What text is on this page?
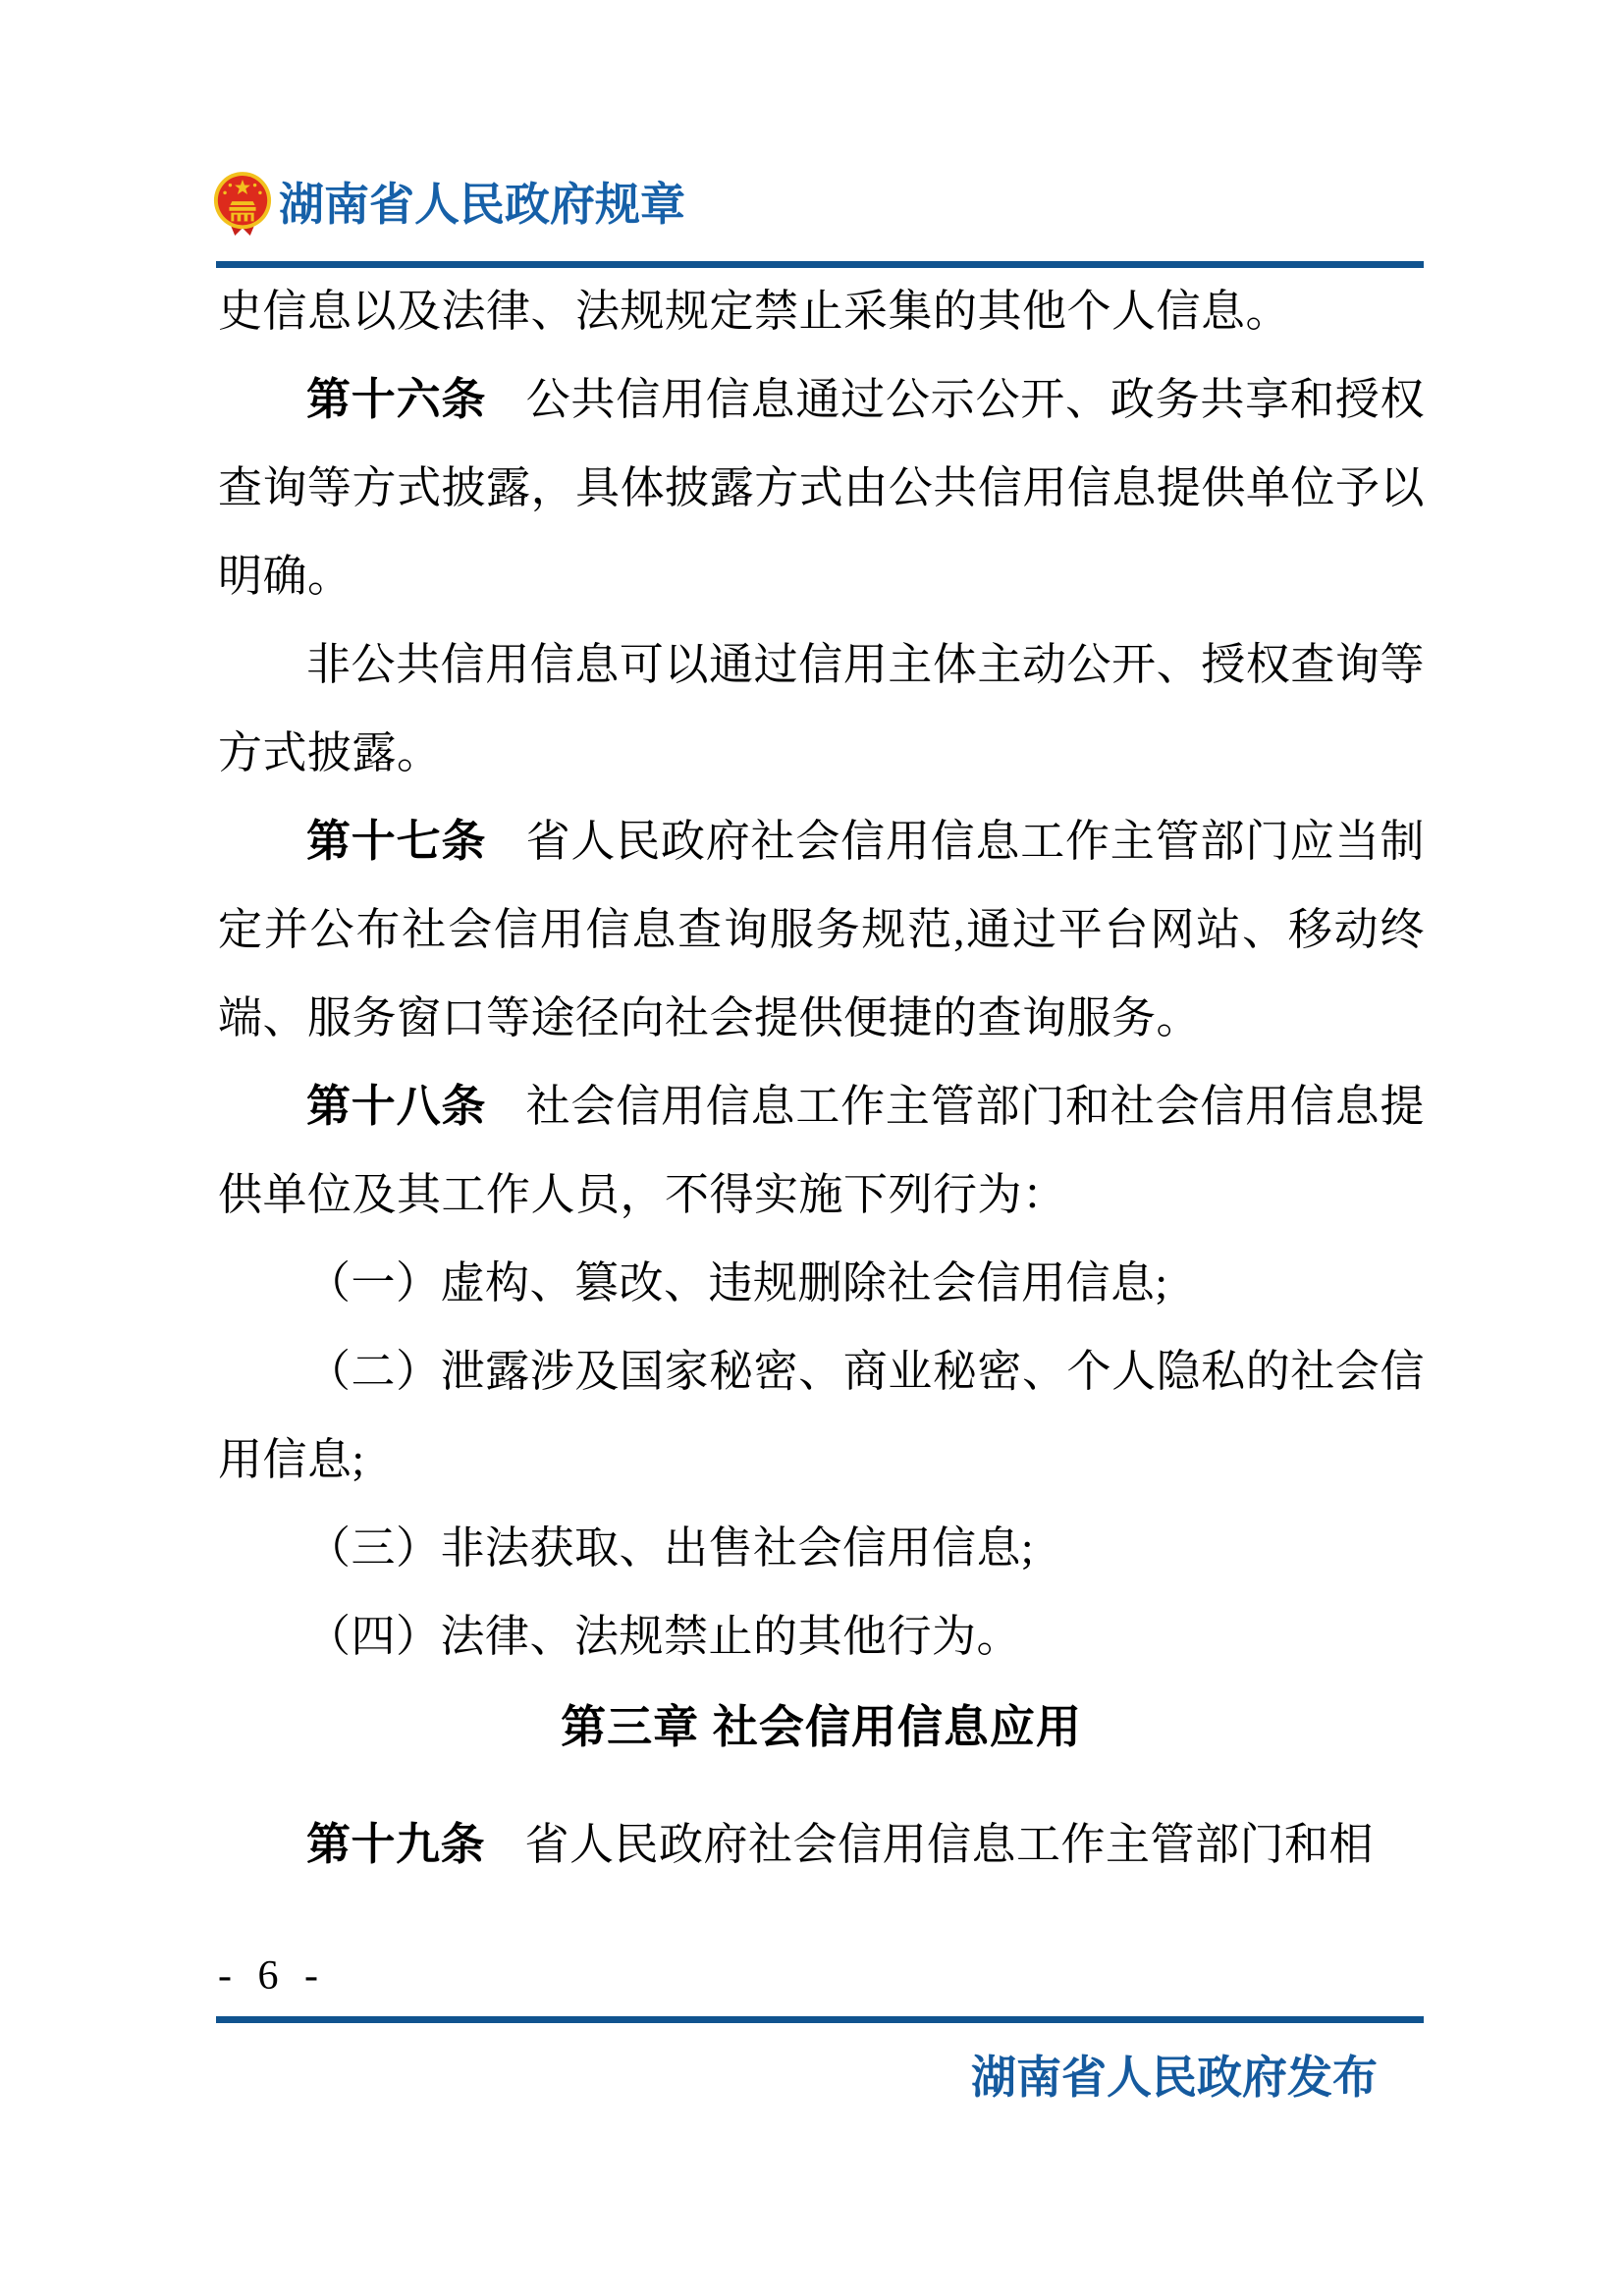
湖南省人民政府规章

史信息以及法律、法规规定禁止采集的其他个人信息。

第十六条 公共信用信息通过公示公开、政务共享和授权查询等方式披露，具体披露方式由公共信用信息提供单位予以明确。

非公共信用信息可以通过信用主体主动公开、授权查询等方式披露。

第十七条 省人民政府社会信用信息工作主管部门应当制定并公布社会信用信息查询服务规范,通过平台网站、移动终端、服务窗口等途径向社会提供便捷的查询服务。

第十八条 社会信用信息工作主管部门和社会信用信息提供单位及其工作人员，不得实施下列行为：

（一）虚构、篡改、违规删除社会信用信息;

（二）泄露涉及国家秘密、商业秘密、个人隐私的社会信用信息;

（三）非法获取、出售社会信用信息;

（四）法律、法规禁止的其他行为。

第三章 社会信用信息应用

第十九条 省人民政府社会信用信息工作主管部门和相

- 6 -
湖南省人民政府发布
